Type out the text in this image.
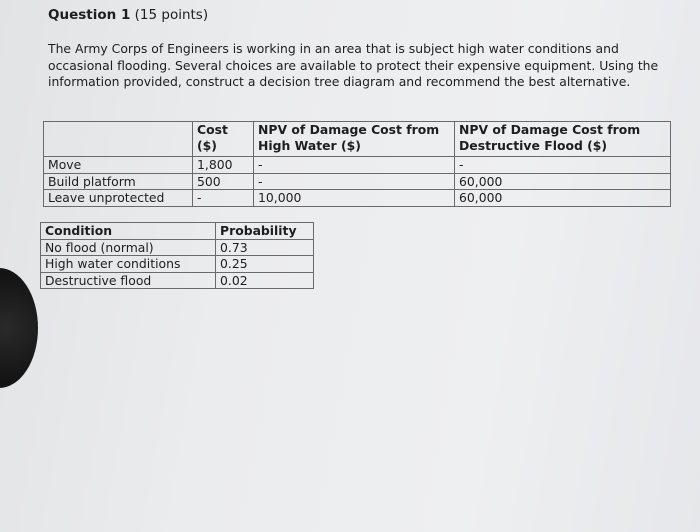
Question 1 (15 points)

The Army Corps of Engineers is working in an area that is subject high water conditions and occasional flooding. Several choices are available to protect their expensive equipment. Using the information provided, construct a decision tree diagram and recommend the best alternative.

	Cost ($)	NPV of Damage Cost from High Water ($)	NPV of Damage Cost from Destructive Flood ($)
Move	1,800	-	-
Build platform	500	-	60,000
Leave unprotected	-	10,000	60,000
Condition	Probability
No flood (normal)	0.73
High water conditions	0.25
Destructive flood	0.02
